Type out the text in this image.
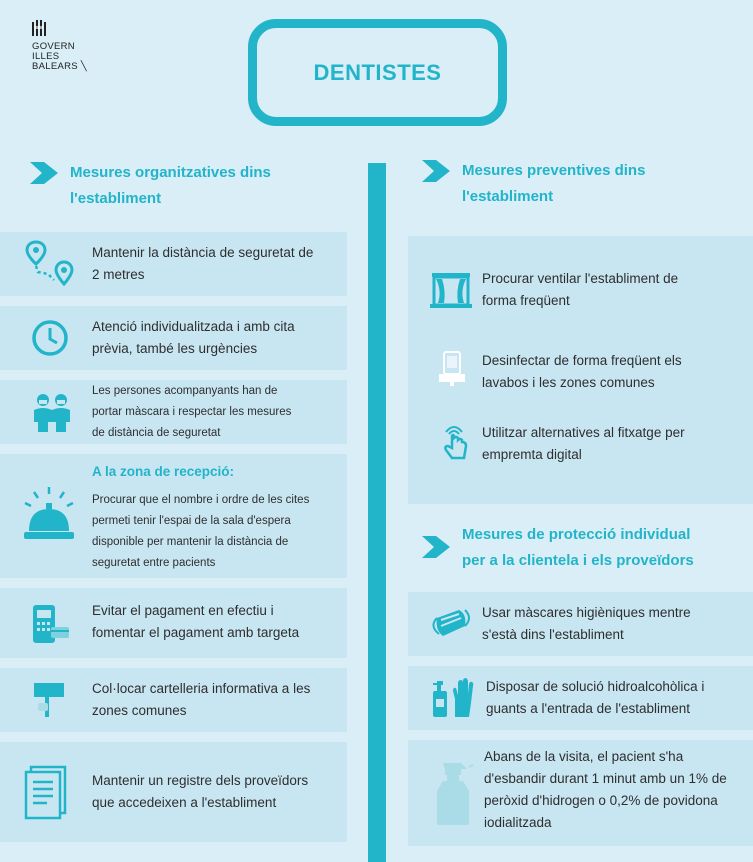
GOVERN
ILLES
BALEARS ╲	DENTISTES
Mesures organitzatives dins
l'establiment
Mantenir la distància de seguretat de
2 metres
Atenció individualitzada i amb cita
prèvia, també les urgències
Les persones acompanyants han de
portar màscara i respectar les mesures
de distància de seguretat
A la zona de recepció:
Procurar que el nombre i ordre de les cites
permeti tenir l'espai de la sala d'espera
disponible per mantenir la distància de
seguretat entre pacients
Evitar el pagament en efectiu i
fomentar el pagament amb targeta
Col·locar cartelleria informativa a les
zones comunes
Mantenir un registre dels proveïdors
que accedeixen a l'establiment
Mesures preventives dins
l'establiment
Procurar ventilar l'establiment de
forma freqüent
Desinfectar de forma freqüent els
lavabos i les zones comunes
Utilitzar alternatives al fitxatge per
empremta digital
Mesures de protecció individual
per a la clientela i els proveïdors
Usar màscares higièniques mentre
s'està dins l'establiment
Disposar de solució hidroalcohòlica i
guants a l'entrada de l'establiment
Abans de la visita, el pacient s'ha
d'esbandir durant 1 minut amb un 1% de
peròxid d'hidrogen o 0,2% de povidona
iodialitzada
